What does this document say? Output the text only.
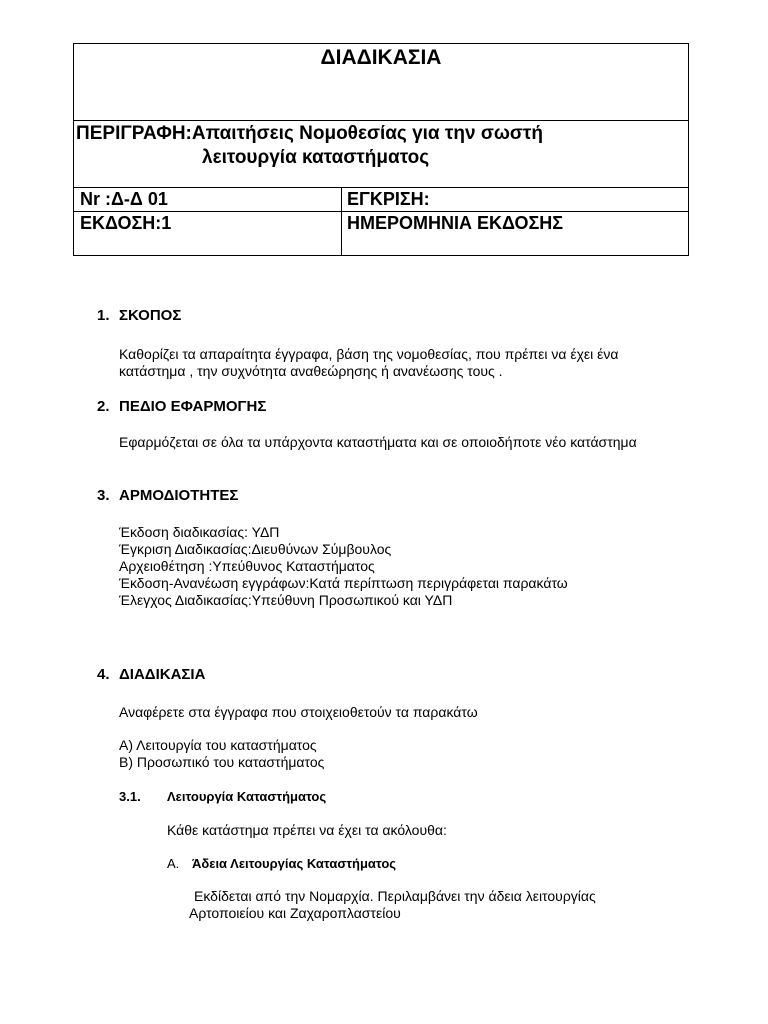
ΔΙΑΔΙΚΑΣΙΑ
ΠΕΡΙΓΡΑΦΗ:Απαιτήσεις Νομοθεσίας για την σωστή
λειτουργία καταστήματος
Nr :Δ-Δ 01	ΕΓΚΡΙΣΗ:
ΕΚΔΟΣΗ:1	ΗΜΕΡΟΜΗΝΙΑ ΕΚΔΟΣΗΣ
1. ΣΚΟΠΟΣ
Καθορίζει τα απαραίτητα έγγραφα, βάση της νομοθεσίας, που πρέπει να έχει ένα
κατάστημα , την συχνότητα αναθεώρησης ή ανανέωσης τους .
2. ΠΕΔΙΟ ΕΦΑΡΜΟΓΗΣ
Εφαρμόζεται σε όλα τα υπάρχοντα καταστήματα και σε οποιοδήποτε νέο κατάστημα
3. ΑΡΜΟΔΙΟΤΗΤΕΣ
Έκδοση διαδικασίας: ΥΔΠ
Έγκριση Διαδικασίας:Διευθύνων Σύμβουλος
Αρχειοθέτηση :Υπεύθυνος Καταστήματος
Έκδοση-Ανανέωση εγγράφων:Κατά περίπτωση περιγράφεται παρακάτω
Έλεγχος Διαδικασίας:Υπεύθυνη Προσωπικού και ΥΔΠ
4. ΔΙΑΔΙΚΑΣΙΑ
Αναφέρετε στα έγγραφα που στοιχειοθετούν τα παρακάτω
Α) Λειτουργία του καταστήματος
Β) Προσωπικό του καταστήματος
3.1. Λειτουργία Καταστήματος
Κάθε κατάστημα πρέπει να έχει τα ακόλουθα:
Α. Άδεια Λειτουργίας Καταστήματος
Εκδίδεται από την Νομαρχία. Περιλαμβάνει την άδεια λειτουργίας
Αρτοποιείου και Ζαχαροπλαστείου
